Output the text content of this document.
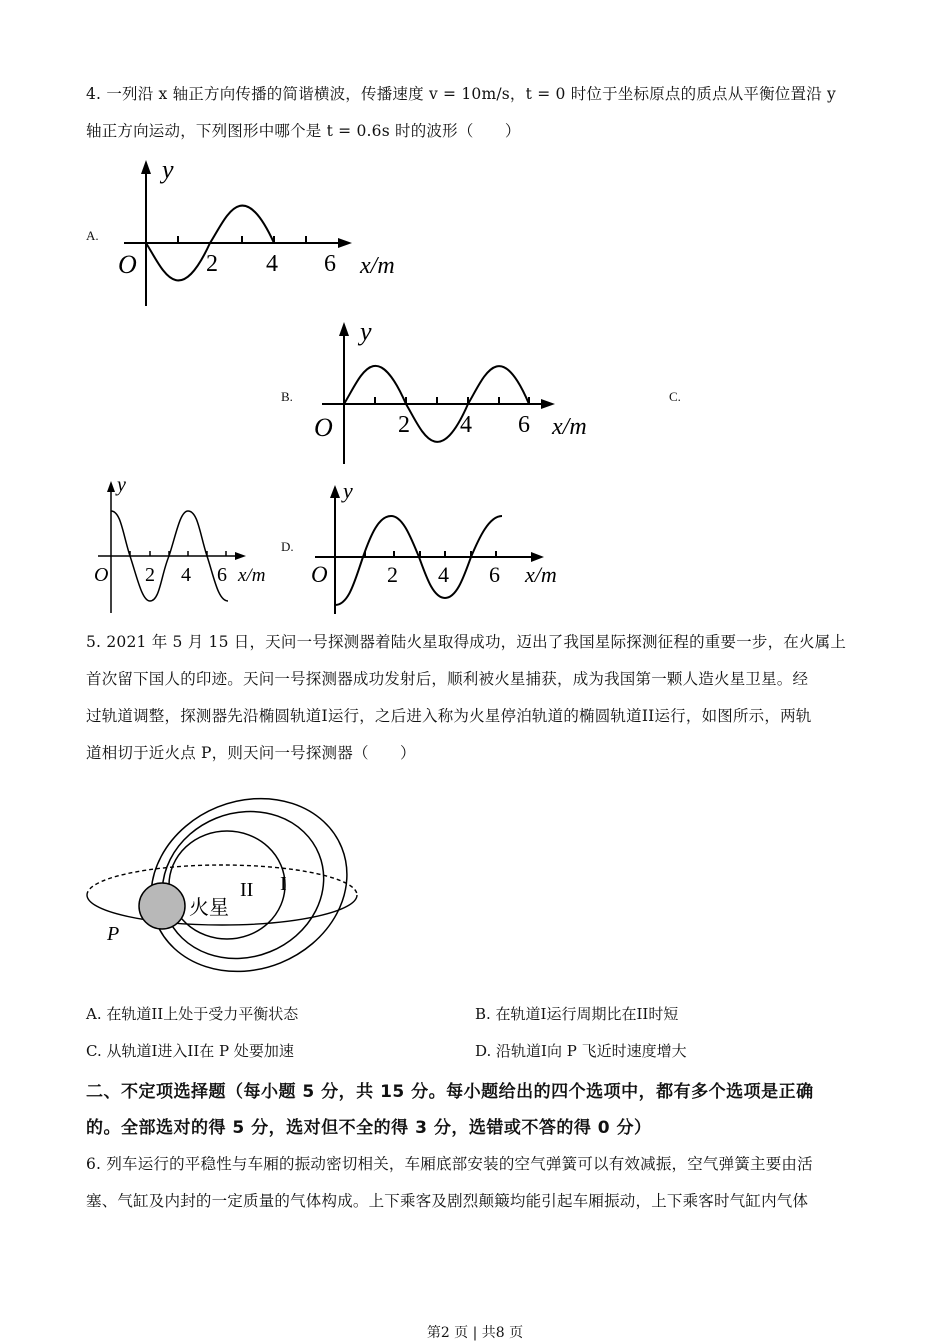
4. 一列沿 x 轴正方向传播的简谐横波，传播速度 v = 10m/s，t = 0 时位于坐标原点的质点从平衡位置沿 y
轴正方向运动，下列图形中哪个是 t = 0.6s 时的波形（　　）
A.
y
O	2 4 6 x/m
B.
y
O	2 4 6 x/m
C.
y
O 2 4 6 x/m
D.
y
O	2 4 6 x/m
5. 2021 年 5 月 15 日，天问一号探测器着陆火星取得成功，迈出了我国星际探测征程的重要一步，在火属上
首次留下国人的印迹。天问一号探测器成功发射后，顺利被火星捕获，成为我国第一颗人造火星卫星。经
过轨道调整，探测器先沿椭圆轨道I运行，之后进入称为火星停泊轨道的椭圆轨道II运行，如图所示，两轨
道相切于近火点 P，则天问一号探测器（　　）
火星
II I
P
A. 在轨道II上处于受力平衡状态	B. 在轨道I运行周期比在II时短
C. 从轨道I进入II在 P 处要加速	D. 沿轨道I向 P 飞近时速度增大
二、不定项选择题（每小题 5 分，共 15 分。每小题给出的四个选项中，都有多个选项是正确
的。全部选对的得 5 分，选对但不全的得 3 分，选错或不答的得 0 分）
6. 列车运行的平稳性与车厢的振动密切相关，车厢底部安装的空气弹簧可以有效减振，空气弹簧主要由活
塞、气缸及内封的一定质量的气体构成。上下乘客及剧烈颠簸均能引起车厢振动，上下乘客时气缸内气体
第2 页 | 共8 页
